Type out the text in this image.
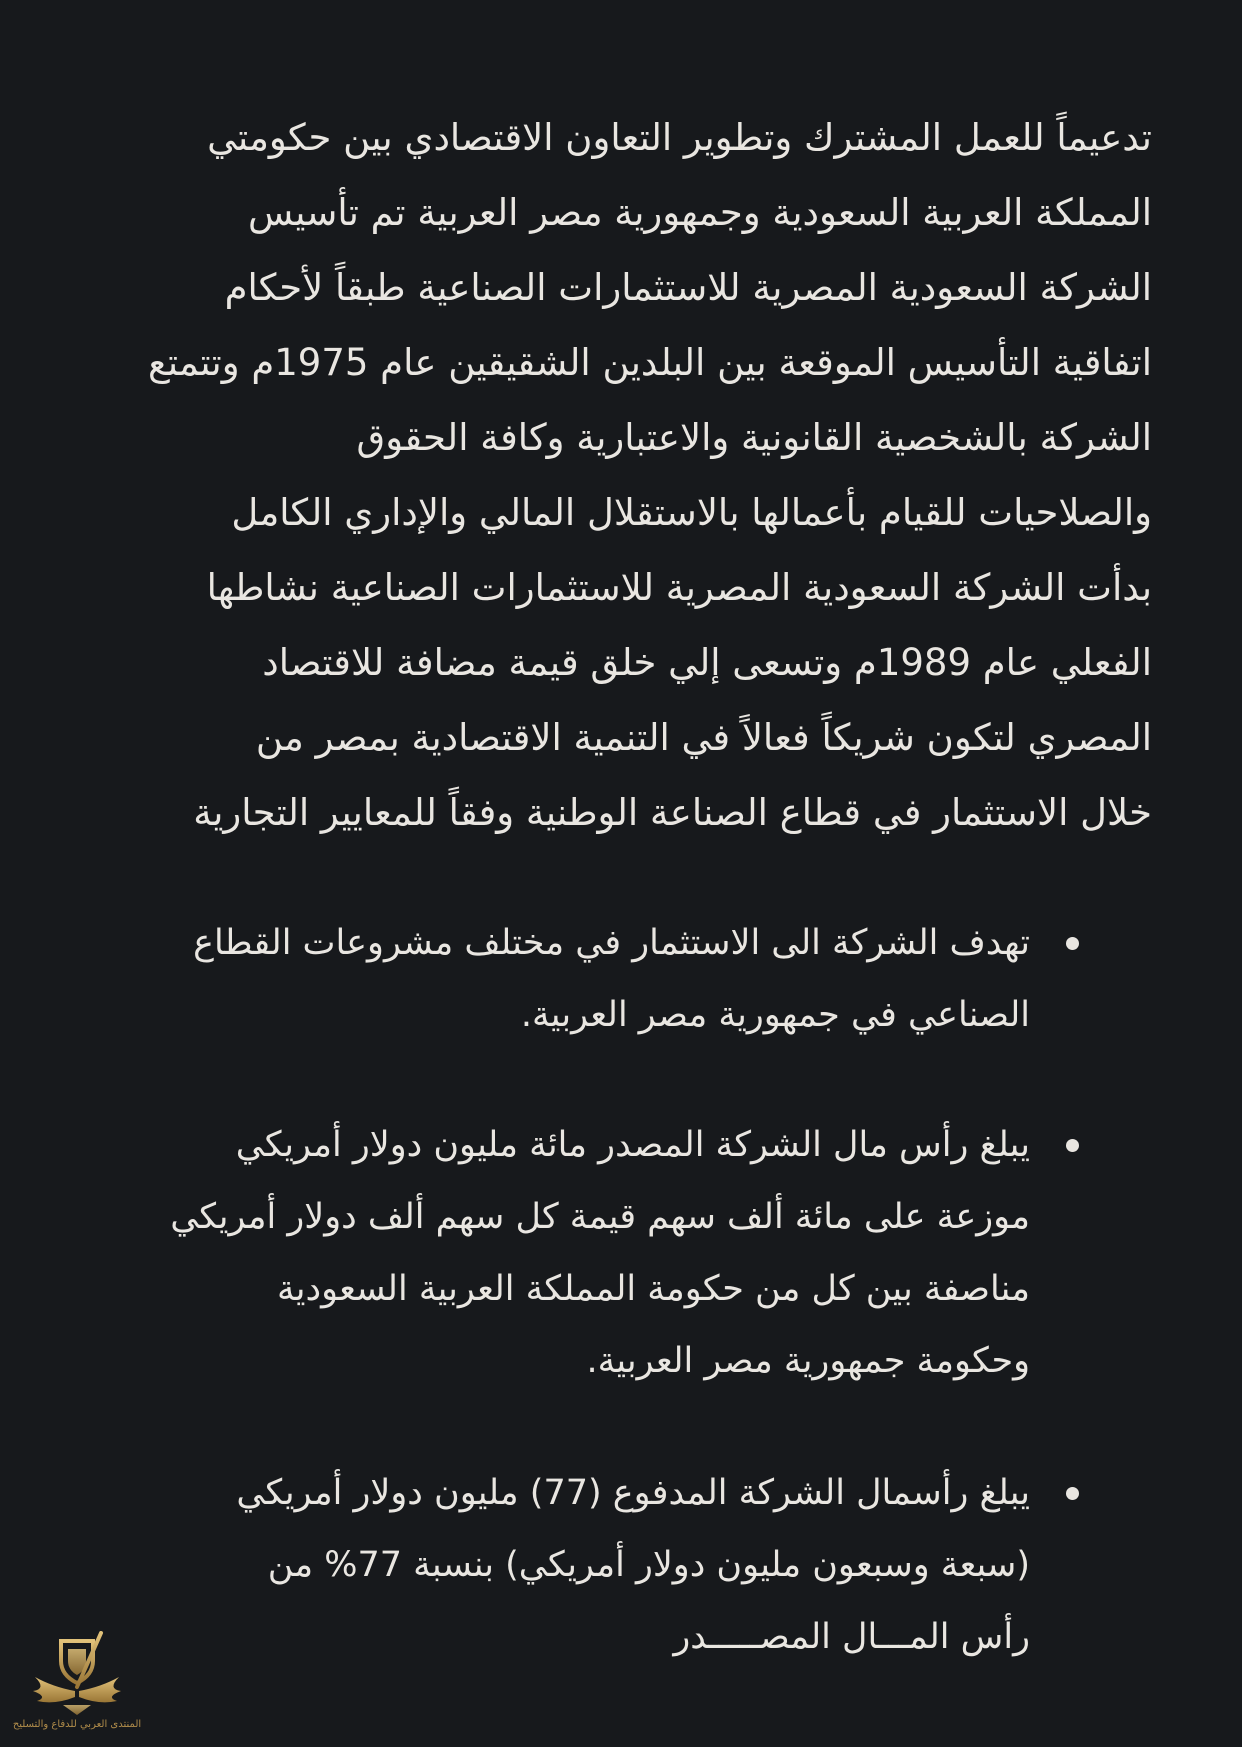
تدعيماً للعمل المشترك وتطوير التعاون الاقتصادي بين حكومتي
المملكة العربية السعودية وجمهورية مصر العربية تم تأسيس
الشركة السعودية المصرية للاستثمارات الصناعية طبقاً لأحكام
اتفاقية التأسيس الموقعة بين البلدين الشقيقين عام 1975م وتتمتع
الشركة بالشخصية القانونية والاعتبارية وكافة الحقوق
والصلاحيات للقيام بأعمالها بالاستقلال المالي والإداري الكامل
بدأت الشركة السعودية المصرية للاستثمارات الصناعية نشاطها
الفعلي عام 1989م وتسعى إلي خلق قيمة مضافة للاقتصاد
المصري لتكون شريكاً فعالاً في التنمية الاقتصادية بمصر من
خلال الاستثمار في قطاع الصناعة الوطنية وفقاً للمعايير التجارية

تهدف الشركة الى الاستثمار في مختلف مشروعات القطاع
الصناعي في جمهورية مصر العربية.
يبلغ رأس مال الشركة المصدر مائة مليون دولار أمريكي
موزعة على مائة ألف سهم قيمة كل سهم ألف دولار أمريكي
مناصفة بين كل من حكومة المملكة العربية السعودية
وحكومة جمهورية مصر العربية.
يبلغ رأسمال الشركة المدفوع (77) مليون دولار أمريكي
(سبعة وسبعون مليون دولار أمريكي) بنسبة 77% من
رأس المـــال المصـــــدر
المنتدى العربي للدفاع والتسليح
